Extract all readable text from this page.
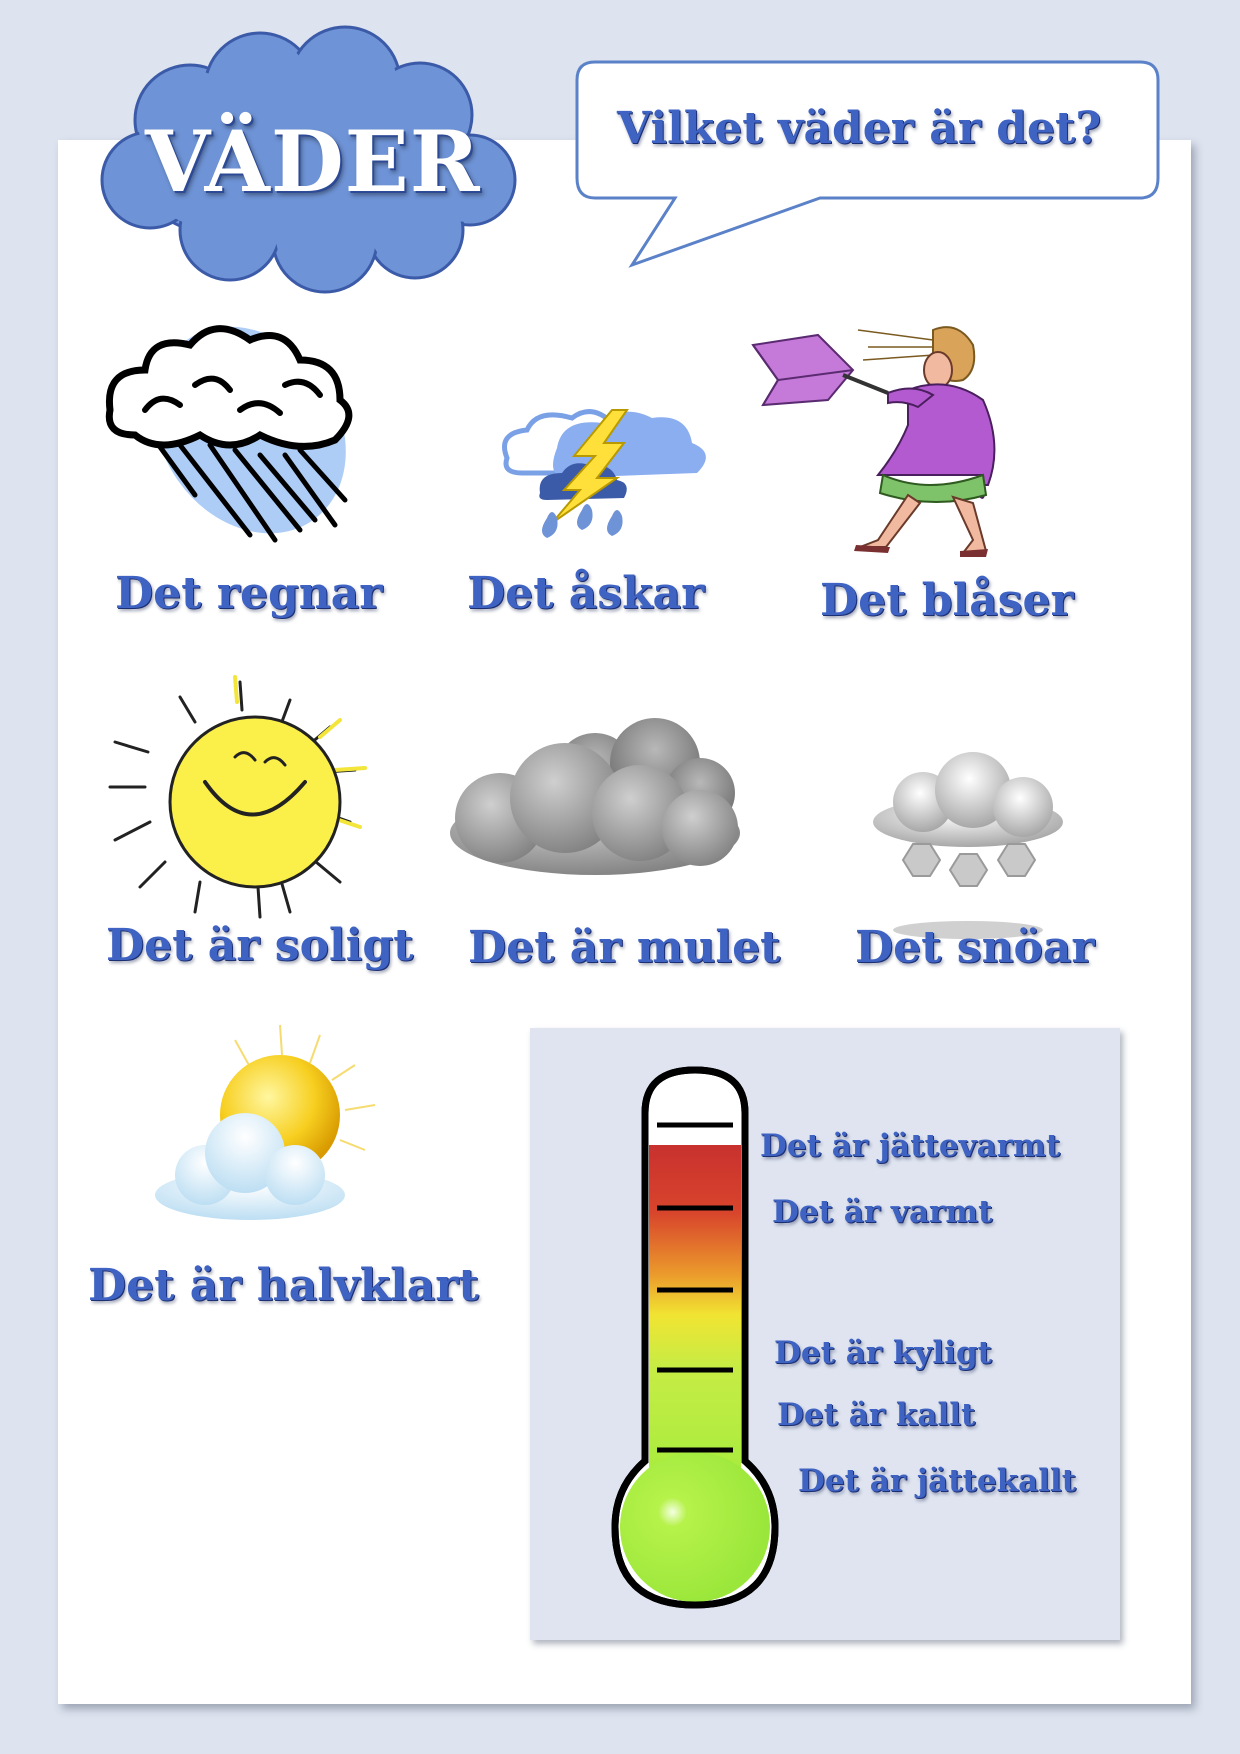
VÄDER	Vilket väder är det?

Det regnar Det åskar	Det blåser

Det är soligt Det är mulet Det snöar

Det är halvklart

Det är jättevarmt

Det är varmt

Det är kyligt

Det är kallt

Det är jättekallt
